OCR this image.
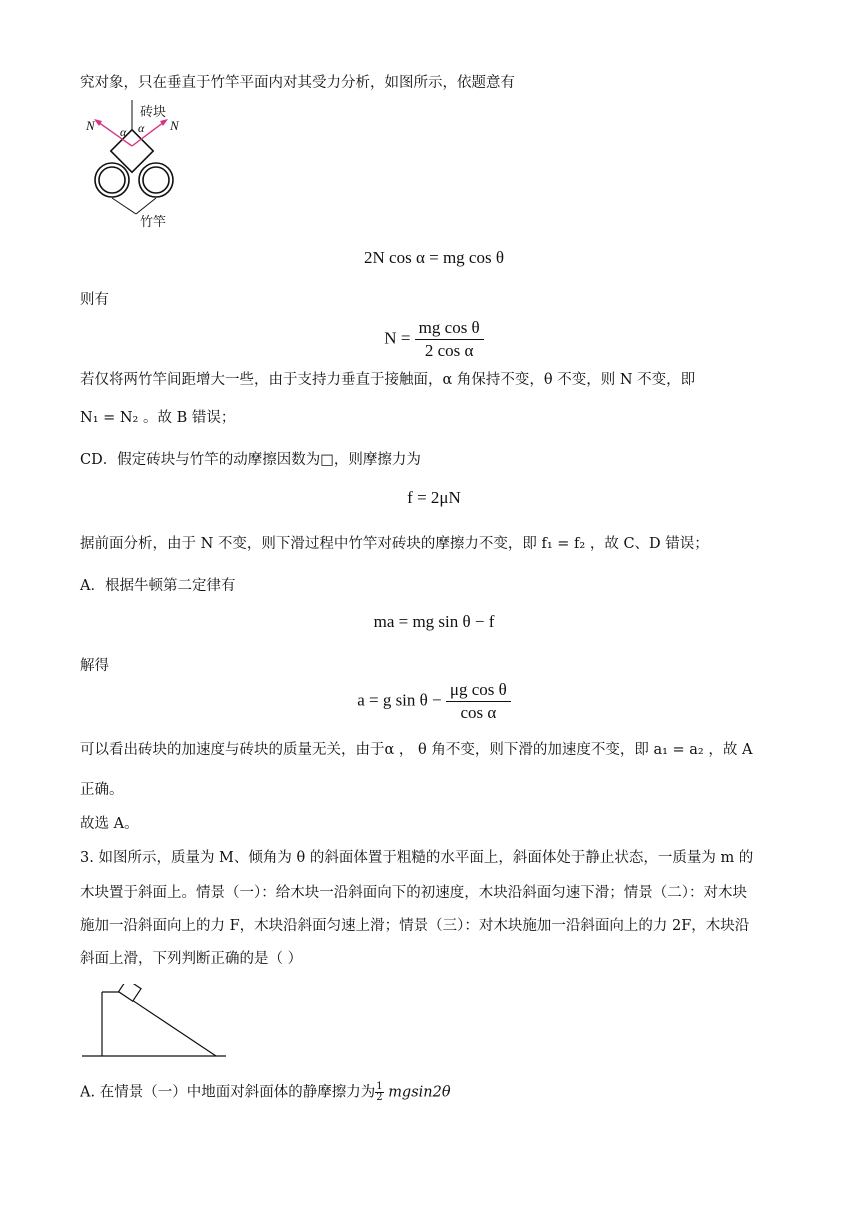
究对象，只在垂直于竹竿平面内对其受力分析，如图所示，依题意有
N	N
α α
砖块
竹竿
2N cos α = mg cos θ
则有
$N = \frac{\text{mg cos θ}}{\text{2 cos α}}$
若仅将两竹竿间距增大一些，由于支持力垂直于接触面，α 角保持不变，θ 不变，则 N 不变，即
N₁ = N₂ 。故 B 错误；
CD．假定砖块与竹竿的动摩擦因数为□，则摩擦力为
f = 2μN
据前面分析，由于 N 不变，则下滑过程中竹竿对砖块的摩擦力不变，即 f₁ = f₂ ，故 C、D 错误；
A．根据牛顿第二定律有
ma = mg sin θ − f
解得
a = g $\sin \theta - \frac{\text{μg cos θ}}{\text{cos α}}$
可以看出砖块的加速度与砖块的质量无关，由于α ， θ 角不变，则下滑的加速度不变，即 a₁ = a₂ ，故 A
正确。
故选 A。
3. 如图所示，质量为 M、倾角为 θ 的斜面体置于粗糙的水平面上，斜面体处于静止状态，一质量为 m 的
木块置于斜面上。情景（一）：给木块一沿斜面向下的初速度，木块沿斜面匀速下滑；情景（二）：对木块
施加一沿斜面向上的力 F，木块沿斜面匀速上滑；情景（三）：对木块施加一沿斜面向上的力 2F，木块沿
斜面上滑，下列判断正确的是（ ）
A. 在情景（一）中地面对斜面体的静摩擦力为 $\frac{1}{2} mgsin2\theta$
